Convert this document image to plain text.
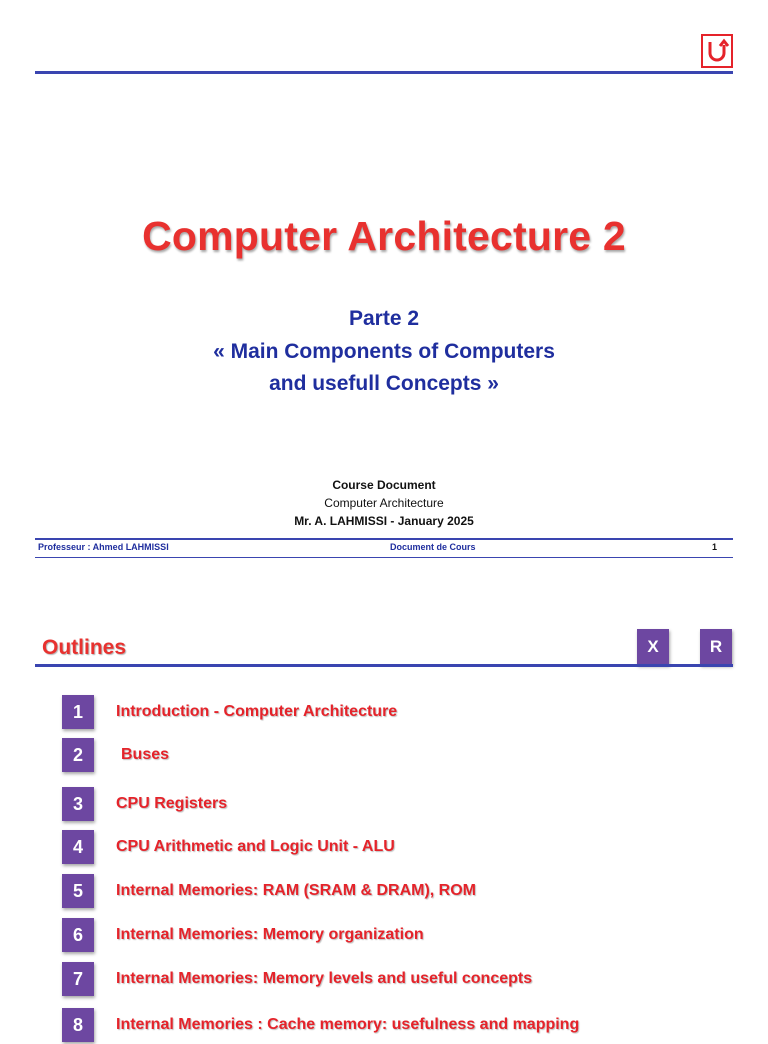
Computer Architecture 2
Parte 2
« Main Components of Computers
and usefull Concepts »
Course Document
Computer Architecture
Mr. A. LAHMISSI - January 2025
Professeur : Ahmed LAHMISSI	Document de Cours	1
Outlines	X	R
1	Introduction - Computer Architecture
2	Buses
3	CPU Registers
4	CPU Arithmetic and Logic Unit - ALU
5	Internal Memories: RAM (SRAM & DRAM), ROM
6	Internal Memories: Memory organization
7	Internal Memories: Memory levels and useful concepts
8	Internal Memories : Cache memory: usefulness and mapping
